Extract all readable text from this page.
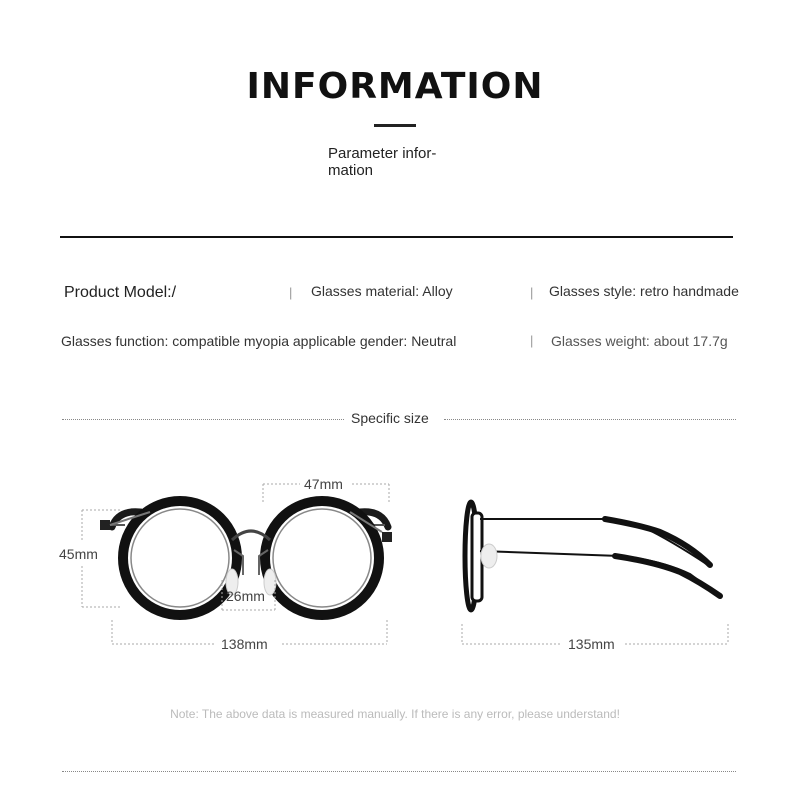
INFORMATION
Parameter infor-
mation
Product Model:/	| Glasses material: Alloy	| Glasses style: retro handmade
Glasses function: compatible myopia applicable gender: Neutral	| Glasses weight: about 17.7g
Specific size
47mm
45mm
26mm
138mm	135mm
Note: The above data is measured manually. If there is any error, please understand!
